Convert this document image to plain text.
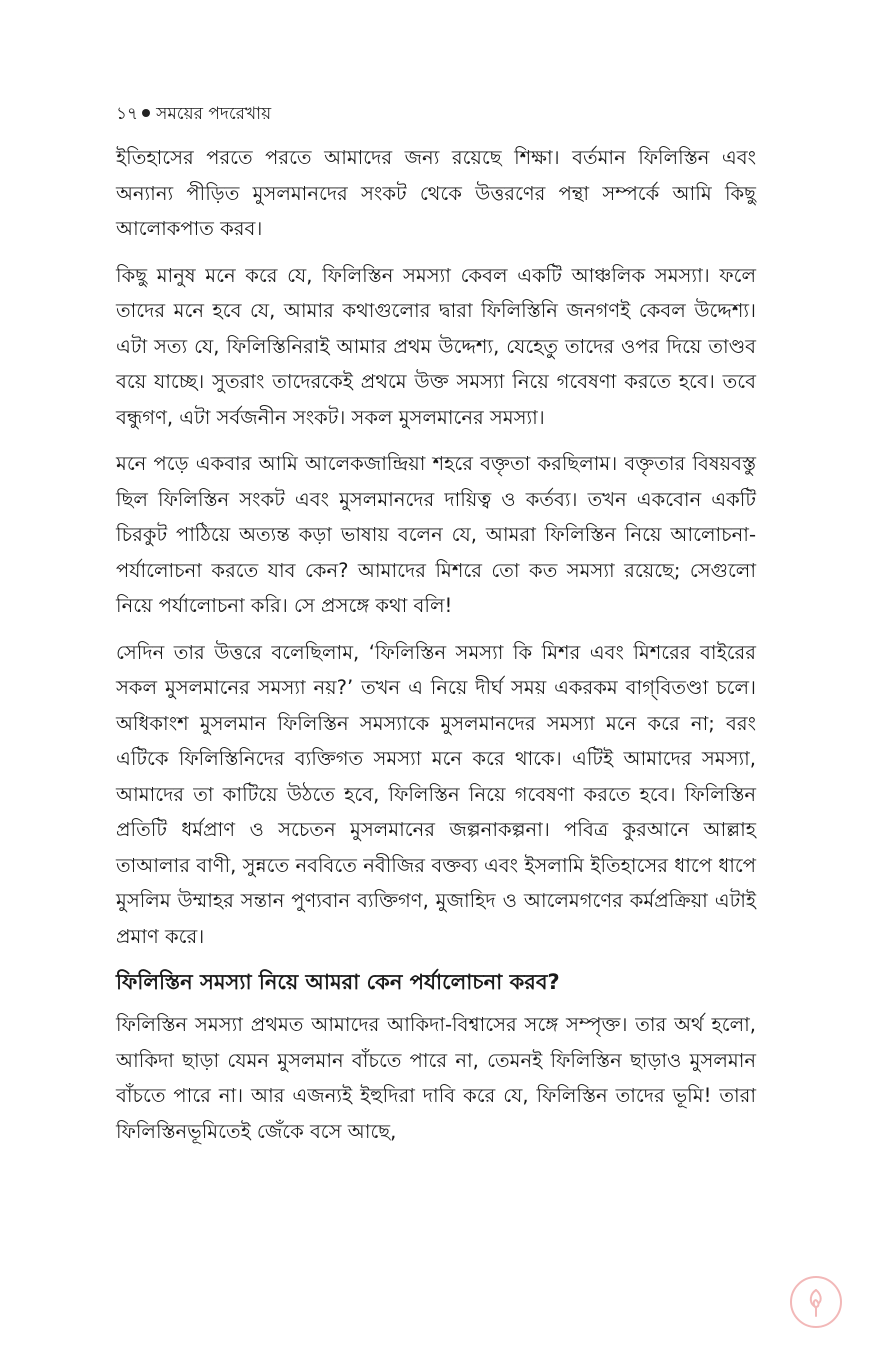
১৭ সময়ের পদরেখায়

ইতিহাসের পরতে পরতে আমাদের জন্য রয়েছে শিক্ষা। বর্তমান ফিলিস্তিন এবং অন্যান্য পীড়িত মুসলমানদের সংকট থেকে উত্তরণের পন্থা সম্পর্কে আমি কিছু আলোকপাত করব।

কিছু মানুষ মনে করে যে, ফিলিস্তিন সমস্যা কেবল একটি আঞ্চলিক সমস্যা। ফলে তাদের মনে হবে যে, আমার কথাগুলোর দ্বারা ফিলিস্তিনি জনগণই কেবল উদ্দেশ্য। এটা সত্য যে, ফিলিস্তিনিরাই আমার প্রথম উদ্দেশ্য, যেহেতু তাদের ওপর দিয়ে তাণ্ডব বয়ে যাচ্ছে। সুতরাং তাদেরকেই প্রথমে উক্ত সমস্যা নিয়ে গবেষণা করতে হবে। তবে বন্ধুগণ, এটা সর্বজনীন সংকট। সকল মুসলমানের সমস্যা।

মনে পড়ে একবার আমি আলেকজান্দ্রিয়া শহরে বক্তৃতা করছিলাম। বক্তৃতার বিষয়বস্তু ছিল ফিলিস্তিন সংকট এবং মুসলমানদের দায়িত্ব ও কর্তব্য। তখন একবোন একটি চিরকুট পাঠিয়ে অত্যন্ত কড়া ভাষায় বলেন যে, আমরা ফিলিস্তিন নিয়ে আলোচনা-পর্যালোচনা করতে যাব কেন? আমাদের মিশরে তো কত সমস্যা রয়েছে; সেগুলো নিয়ে পর্যালোচনা করি। সে প্রসঙ্গে কথা বলি!

সেদিন তার উত্তরে বলেছিলাম, ‘ফিলিস্তিন সমস্যা কি মিশর এবং মিশরের বাইরের সকল মুসলমানের সমস্যা নয়?’ তখন এ নিয়ে দীর্ঘ সময় একরকম বাগ্‌বিতণ্ডা চলে। অধিকাংশ মুসলমান ফিলিস্তিন সমস্যাকে মুসলমানদের সমস্যা মনে করে না; বরং এটিকে ফিলিস্তিনিদের ব্যক্তিগত সমস্যা মনে করে থাকে। এটিই আমাদের সমস্যা, আমাদের তা কাটিয়ে উঠতে হবে, ফিলিস্তিন নিয়ে গবেষণা করতে হবে। ফিলিস্তিন প্রতিটি ধর্মপ্রাণ ও সচেতন মুসলমানের জল্পনাকল্পনা। পবিত্র কুরআনে আল্লাহ তাআলার বাণী, সুন্নতে নববিতে নবীজির বক্তব্য এবং ইসলামি ইতিহাসের ধাপে ধাপে মুসলিম উম্মাহর সন্তান পুণ্যবান ব্যক্তিগণ, মুজাহিদ ও আলেমগণের কর্মপ্রক্রিয়া এটাই প্রমাণ করে।

ফিলিস্তিন সমস্যা নিয়ে আমরা কেন পর্যালোচনা করব?

ফিলিস্তিন সমস্যা প্রথমত আমাদের আকিদা-বিশ্বাসের সঙ্গে সম্পৃক্ত। তার অর্থ হলো, আকিদা ছাড়া যেমন মুসলমান বাঁচতে পারে না, তেমনই ফিলিস্তিন ছাড়াও মুসলমান বাঁচতে পারে না। আর এজন্যই ইহুদিরা দাবি করে যে, ফিলিস্তিন তাদের ভূমি! তারা ফিলিস্তিনভূমিতেই জেঁকে বসে আছে,
